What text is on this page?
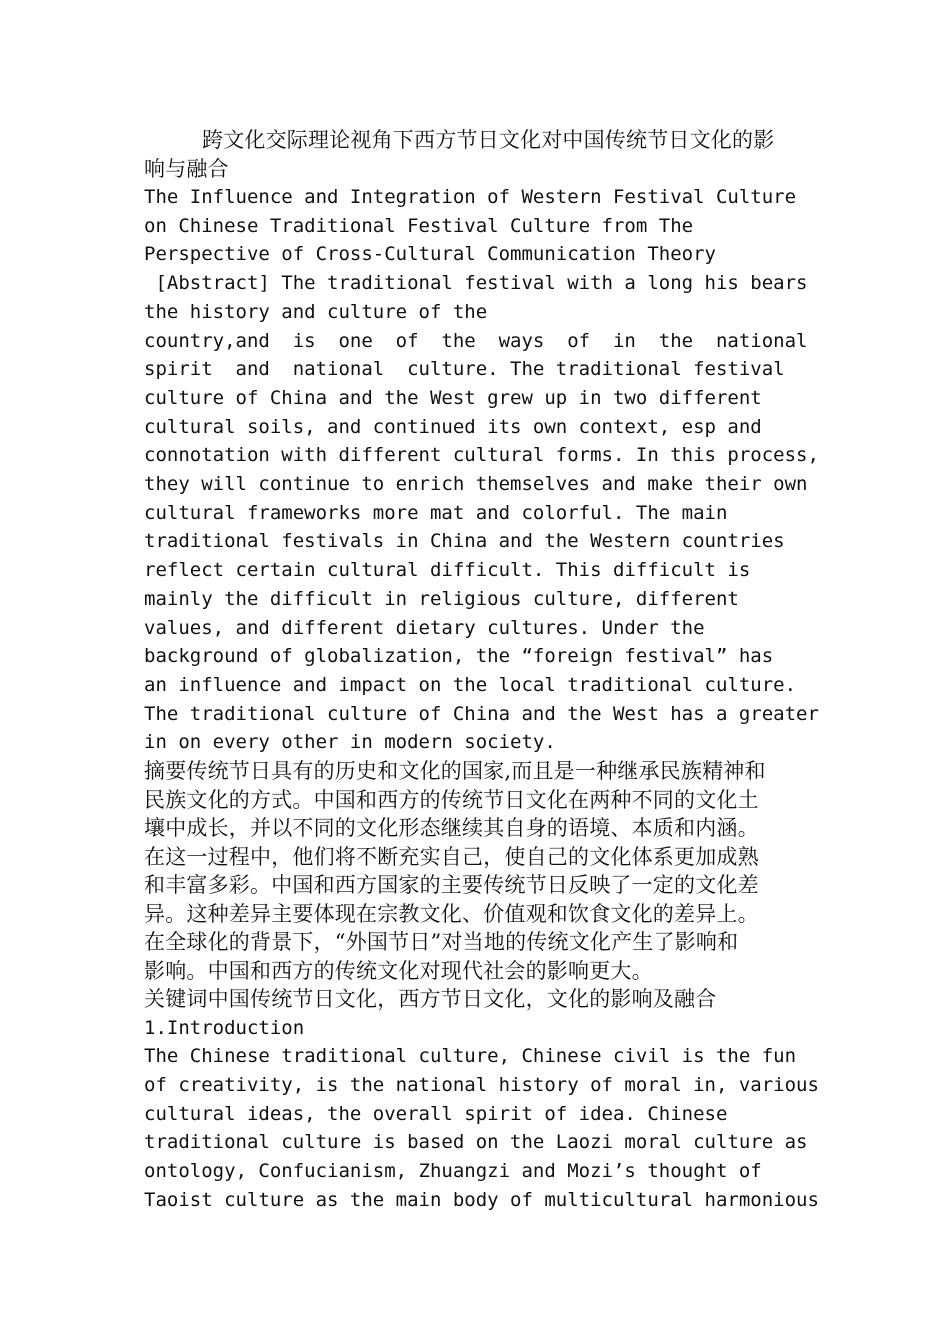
跨文化交际理论视角下西方节日文化对中国传统节日文化的影

响与融合

The Influence and Integration of Western Festival Culture

on Chinese Traditional Festival Culture from The

Perspective of Cross-Cultural Communication Theory

[Abstract] The traditional festival with a long his bears

the history and culture of the

country,and  is  one  of  the  ways  of  in  the  national

spirit  and  national  culture. The traditional festival

culture of China and the West grew up in two different

cultural soils, and continued its own context, esp and

connotation with different cultural forms. In this process,

they will continue to enrich themselves and make their own

cultural frameworks more mat and colorful. The main

traditional festivals in China and the Western countries

reflect certain cultural difficult. This difficult is

mainly the difficult in religious culture, different

values, and different dietary cultures. Under the

background of globalization, the “foreign festival” has

an influence and impact on the local traditional culture.

The traditional culture of China and the West has a greater

in on every other in modern society.

摘要传统节日具有的历史和文化的国家,而且是一种继承民族精神和

民族文化的方式。中国和西方的传统节日文化在两种不同的文化土

壤中成长，并以不同的文化形态继续其自身的语境、本质和内涵。

在这一过程中，他们将不断充实自己，使自己的文化体系更加成熟

和丰富多彩。中国和西方国家的主要传统节日反映了一定的文化差

异。这种差异主要体现在宗教文化、价值观和饮食文化的差异上。

在全球化的背景下，“外国节日”对当地的传统文化产生了影响和

影响。中国和西方的传统文化对现代社会的影响更大。

关键词中国传统节日文化，西方节日文化，文化的影响及融合

1.Introduction

The Chinese traditional culture, Chinese civil is the fun

of creativity, is the national history of moral in, various

cultural ideas, the overall spirit of idea. Chinese

traditional culture is based on the Laozi moral culture as

ontology, Confucianism, Zhuangzi and Mozi’s thought of

Taoist culture as the main body of multicultural harmonious
